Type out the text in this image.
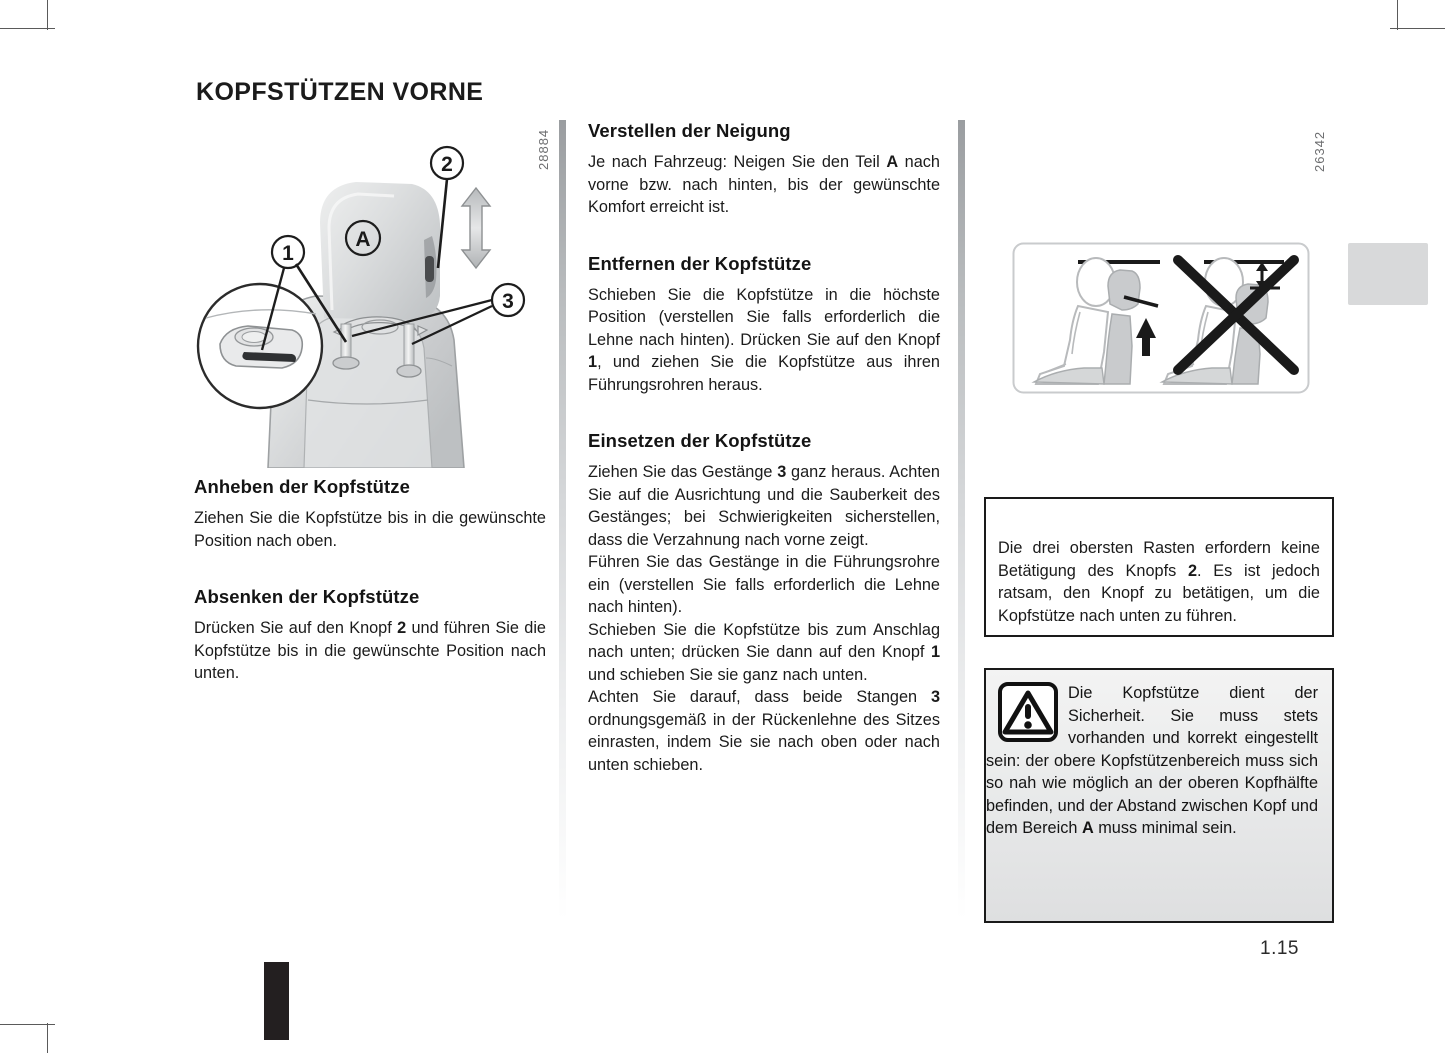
KOPFSTÜTZEN VORNE
1
2
3
A
28884
Anheben der Kopfstütze

Ziehen Sie die Kopfstütze bis in die gewünschte Position nach oben.

Absenken der Kopfstütze

Drücken Sie auf den Knopf 2 und führen Sie die Kopfstütze bis in die gewünschte Position nach unten.

Verstellen der Neigung

Je nach Fahrzeug: Neigen Sie den Teil A nach vorne bzw. nach hinten, bis der gewünschte Komfort erreicht ist.

Entfernen der Kopfstütze

Schieben Sie die Kopfstütze in die höchste Position (verstellen Sie falls erforderlich die Lehne nach hinten). Drücken Sie auf den Knopf 1, und ziehen Sie die Kopfstütze aus ihren Führungsrohren heraus.

Einsetzen der Kopfstütze

Ziehen Sie das Gestänge 3 ganz heraus. Achten Sie auf die Ausrichtung und die Sauberkeit des Gestänges; bei Schwierigkeiten sicherstellen, dass die Verzahnung nach vorne zeigt.

Führen Sie das Gestänge in die Führungsrohre ein (verstellen Sie falls erforderlich die Lehne nach hinten).

Schieben Sie die Kopfstütze bis zum Anschlag nach unten; drücken Sie dann auf den Knopf 1 und schieben Sie sie ganz nach unten.

Achten Sie darauf, dass beide Stangen 3 ordnungsgemäß in der Rückenlehne des Sitzes einrasten, indem Sie sie nach oben oder nach unten schieben.

26342

Die drei obersten Rasten erfordern keine Betätigung des Knopfs 2. Es ist jedoch ratsam, den Knopf zu betätigen, um die Kopfstütze nach unten zu führen.

Die Kopfstütze dient der Sicherheit. Sie muss stets vorhanden und korrekt eingestellt sein: der obere Kopfstützenbereich muss sich so nah wie möglich an der oberen Kopfhälfte befinden, und der Abstand zwischen Kopf und dem Bereich A muss minimal sein.
1.15
